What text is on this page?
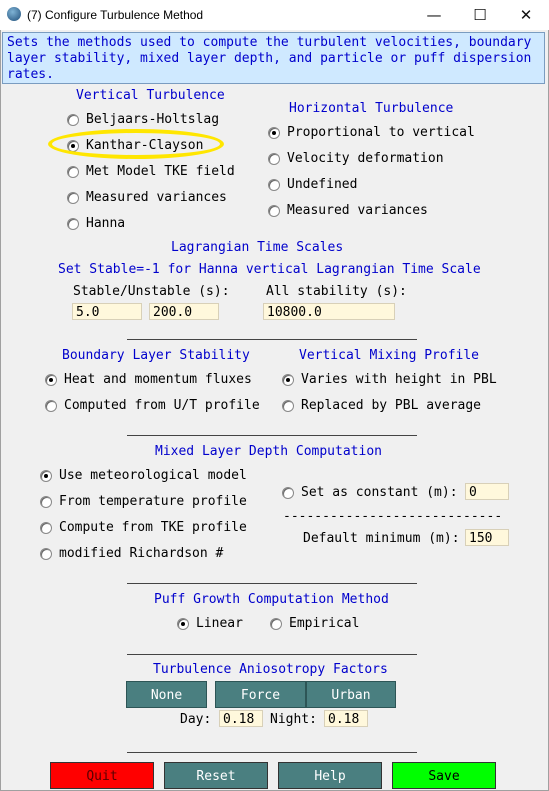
(7) Configure Turbulence Method	—	☐	✕
Sets the methods used to compute the turbulent velocities, boundary layer stability, mixed layer depth, and particle or puff dispersion rates.
Vertical Turbulence
Beljaars-Holtslag
Kanthar-Clayson
Met Model TKE field
Measured variances
Hanna
Horizontal Turbulence
Proportional to vertical
Velocity deformation
Undefined
Measured variances
Lagrangian Time Scales
Set Stable=-1 for Hanna vertical Lagrangian Time Scale
Stable/Unstable (s):	All stability (s):
5.0	200.0	10800.0
Boundary Layer Stability
Heat and momentum fluxes
Computed from U/T profile
Vertical Mixing Profile
Varies with height in PBL
Replaced by PBL average
Mixed Layer Depth Computation
Use meteorological model
From temperature profile
Compute from TKE profile
modified Richardson #
Set as constant (m): 0
----------------------------
Default minimum (m): 150
Puff Growth Computation Method
Linear	Empirical
Turbulence Aniosotropy Factors
None	Force	Urban
Day: 0.18	Night: 0.18
Quit	Reset	Help	Save
